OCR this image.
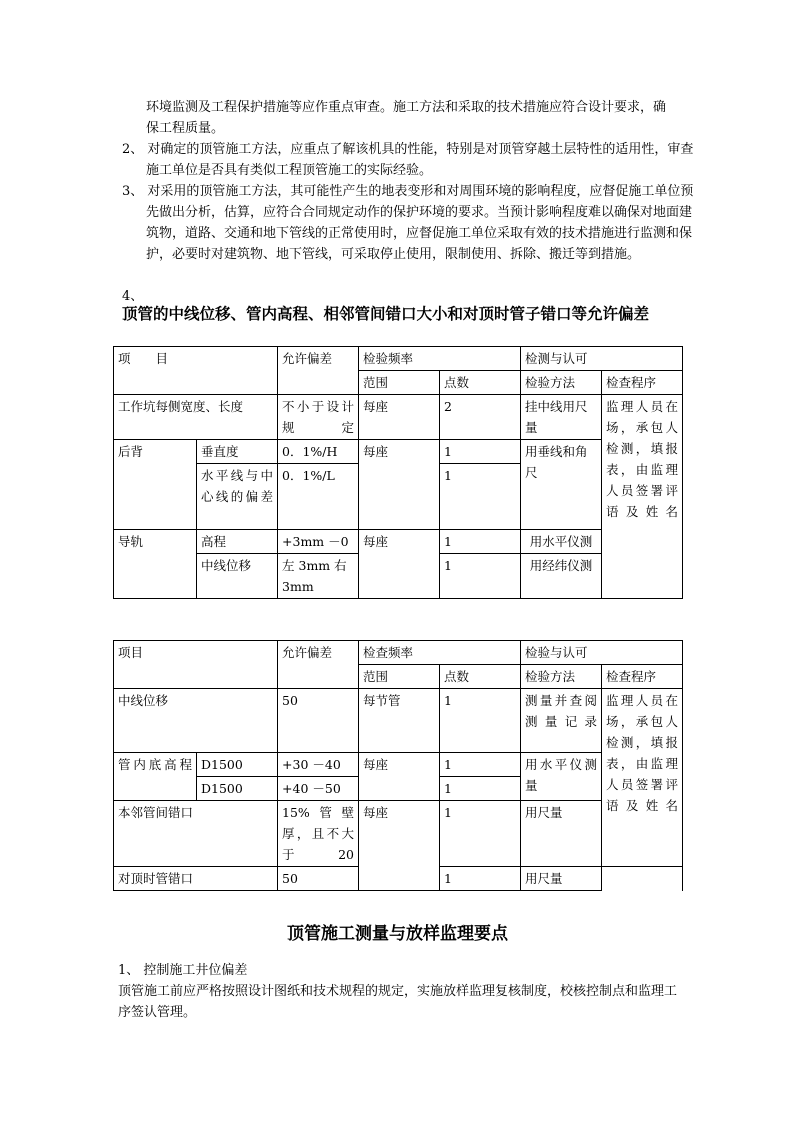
环境监测及工程保护措施等应作重点审查。施工方法和采取的技术措施应符合设计要求，确保工程质量。
2、 对确定的顶管施工方法，应重点了解该机具的性能，特别是对顶管穿越土层特性的适用性，审查施工单位是否具有类似工程顶管施工的实际经验。
3、 对采用的顶管施工方法，其可能性产生的地表变形和对周围环境的影响程度，应督促施工单位预先做出分析，估算，应符合合同规定动作的保护环境的要求。当预计影响程度难以确保对地面建筑物，道路、交通和地下管线的正常使用时，应督促施工单位采取有效的技术措施进行监测和保护，必要时对建筑物、地下管线，可采取停止使用，限制使用、拆除、搬迁等到措施。
4、
顶管的中线位移、管内高程、相邻管间错口大小和对顶时管子错口等允许偏差
项　　目		允许偏差	检验频率		检测与认可	
			范围	点数	检验方法	检查程序
工作坑每侧宽度、长度		不小于设计规定	每座	2	挂中线用尺量	监理人员在场，承包人检测，填报表，由监理人员签署评语及姓名
后背	垂直度	0．1%/H	每座	1	用垂线和角尺	
	水平线与中心线的偏差	0．1%/L		1		
导轨	高程	+3mm －0	每座	1	用水平仪测	
	中线位移	左 3mm 右 3mm		1	用经纬仪测	
项目		允许偏差	检查频率		检验与认可		
			范围	点数	检验方法	检查程序	
中线位移		50	每节管	1	测量并查阅测量记录	监理人员在场，承包人检测，填报表，由监理人员签署评语及姓名	
管内底高程	D1500	+30 －40	每座	1	用水平仪测量		
	D1500	+40 －50		1			
本邻管间错口		15%管壁厚，且不大于 20	每座	1	用尺量		
对顶时管错口		50		1	用尺量		
顶管施工测量与放样监理要点
1、 控制施工井位偏差
顶管施工前应严格按照设计图纸和技术规程的规定，实施放样监理复核制度，校核控制点和监理工序签认管理。
